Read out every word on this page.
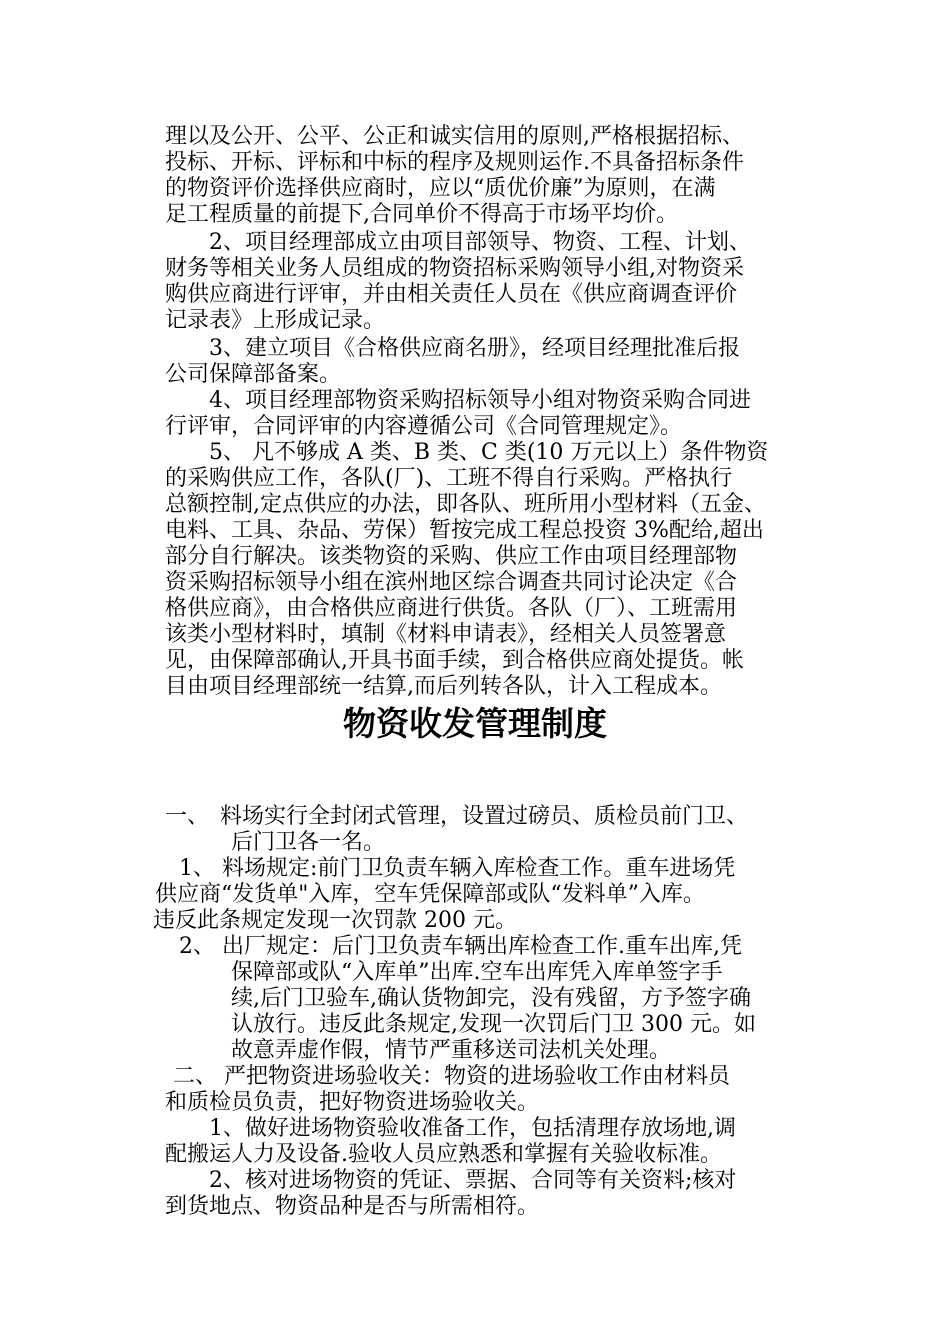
理以及公开、公平、公正和诚实信用的原则,严格根据招标、
投标、开标、评标和中标的程序及规则运作.不具备招标条件
的物资评价选择供应商时，应以“质优价廉”为原则，在满
足工程质量的前提下,合同单价不得高于市场平均价。
2、项目经理部成立由项目部领导、物资、工程、计划、
财务等相关业务人员组成的物资招标采购领导小组,对物资采
购供应商进行评审，并由相关责任人员在《供应商调查评价
记录表》上形成记录。
3、建立项目《合格供应商名册》，经项目经理批准后报
公司保障部备案。
4、项目经理部物资采购招标领导小组对物资采购合同进
行评审，合同评审的内容遵循公司《合同管理规定》。
5、 凡不够成 A 类、B 类、C 类(10 万元以上）条件物资
的采购供应工作，各队(厂)、工班不得自行采购。严格执行
总额控制,定点供应的办法，即各队、班所用小型材料（五金、
电料、工具、杂品、劳保）暂按完成工程总投资 3%配给,超出
部分自行解决。该类物资的采购、供应工作由项目经理部物
资采购招标领导小组在滨州地区综合调查共同讨论决定《合
格供应商》，由合格供应商进行供货。各队（厂）、工班需用
该类小型材料时，填制《材料申请表》，经相关人员签署意
见，由保障部确认,开具书面手续，到合格供应商处提货。帐
目由项目经理部统一结算,而后列转各队，计入工程成本。
物资收发管理制度
一、　料场实行全封闭式管理，设置过磅员、质检员前门卫、
后门卫各一名。
1、 料场规定:前门卫负责车辆入库检查工作。重车进场凭
供应商“发货单"入库，空车凭保障部或队“发料单”入库。
违反此条规定发现一次罚款 200 元。
2、 出厂规定：后门卫负责车辆出库检查工作.重车出库,凭
保障部或队“入库单”出库.空车出库凭入库单签字手
续,后门卫验车,确认货物卸完，没有残留，方予签字确
认放行。违反此条规定,发现一次罚后门卫 300 元。如
故意弄虚作假，情节严重移送司法机关处理。
二、 严把物资进场验收关：物资的进场验收工作由材料员
和质检员负责，把好物资进场验收关。
1、做好进场物资验收准备工作，包括清理存放场地,调
配搬运人力及设备.验收人员应熟悉和掌握有关验收标准。
2、核对进场物资的凭证、票据、合同等有关资料;核对
到货地点、物资品种是否与所需相符。
